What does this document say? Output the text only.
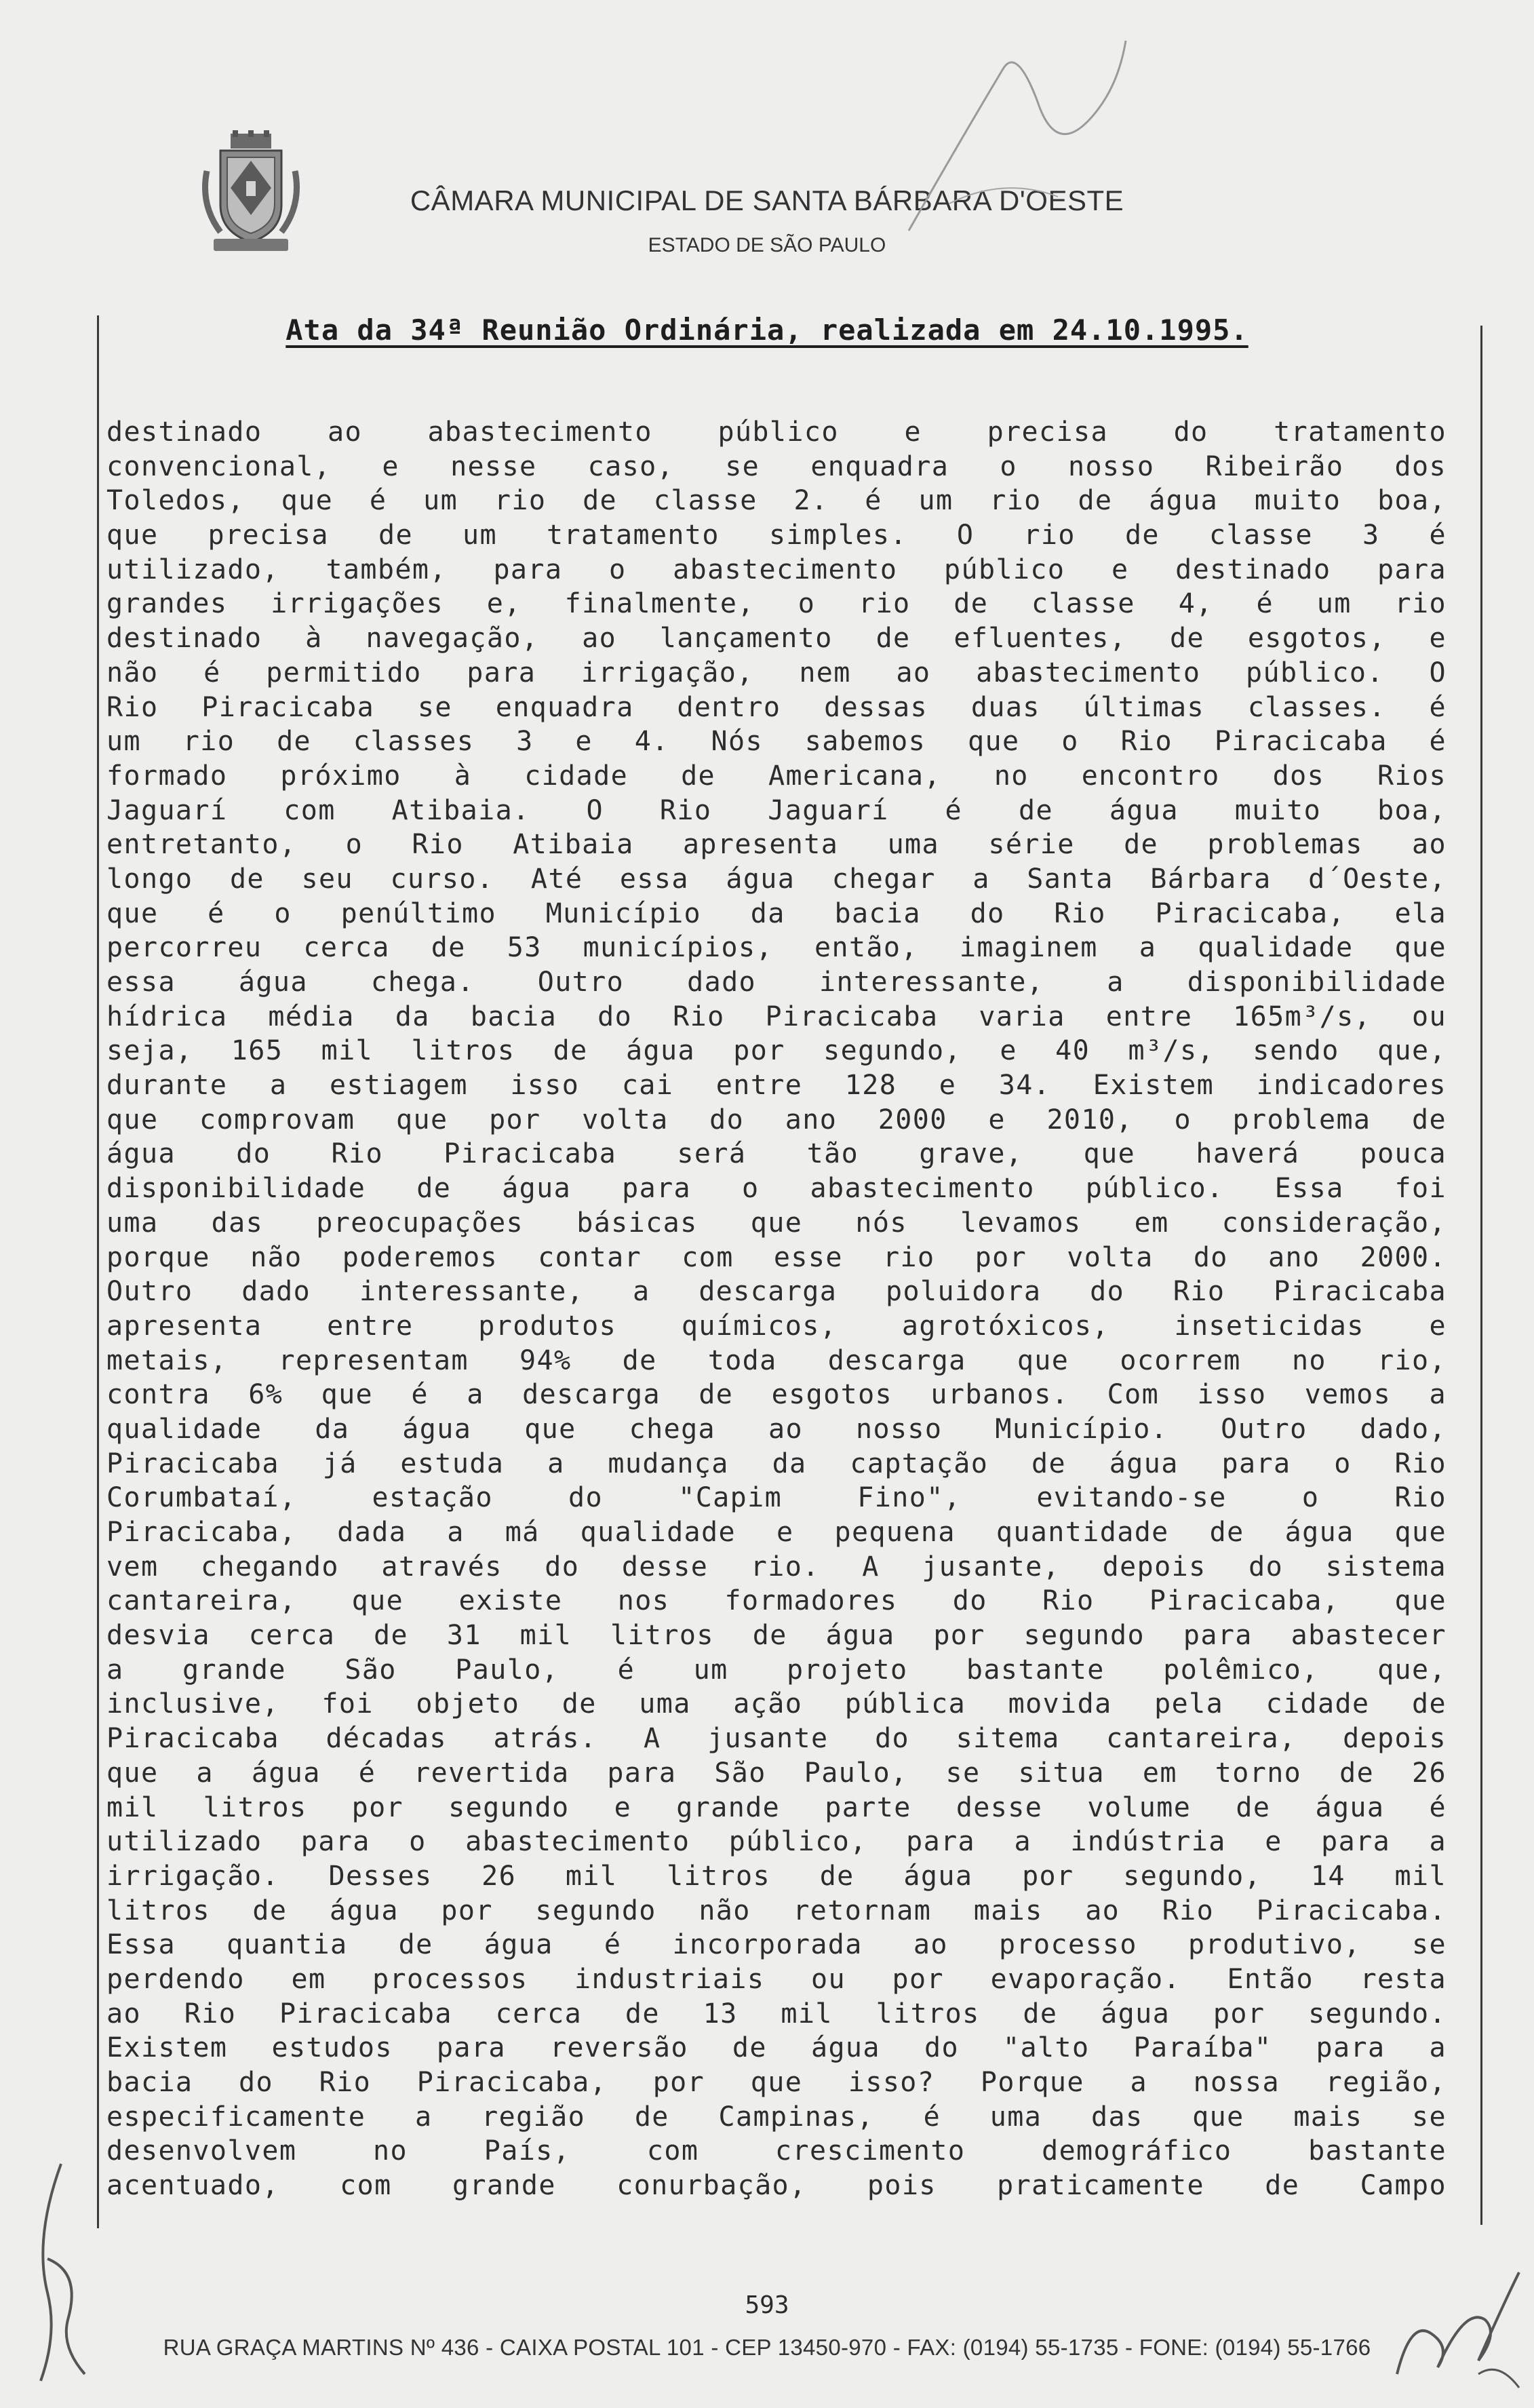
CÂMARA MUNICIPAL DE SANTA BÁRBARA D'OESTE
ESTADO DE SÃO PAULO
Ata da 34ª Reunião Ordinária, realizada em 24.10.1995.
destinado ao abastecimento público e precisa do tratamento
convencional, e nesse caso, se enquadra o nosso Ribeirão dos
Toledos, que é um rio de classe 2. é um rio de água muito boa,
que precisa de um tratamento simples. O rio de classe 3 é
utilizado, também, para o abastecimento público e destinado para
grandes irrigações e, finalmente, o rio de classe 4, é um rio
destinado à navegação, ao lançamento de efluentes, de esgotos, e
não é permitido para irrigação, nem ao abastecimento público. O
Rio Piracicaba se enquadra dentro dessas duas últimas classes. é
um rio de classes 3 e 4. Nós sabemos que o Rio Piracicaba é
formado próximo à cidade de Americana, no encontro dos Rios
Jaguarí com Atibaia. O Rio Jaguarí é de água muito boa,
entretanto, o Rio Atibaia apresenta uma série de problemas ao
longo de seu curso. Até essa água chegar a Santa Bárbara d´Oeste,
que é o penúltimo Município da bacia do Rio Piracicaba, ela
percorreu cerca de 53 municípios, então, imaginem a qualidade que
essa água chega. Outro dado interessante, a disponibilidade
hídrica média da bacia do Rio Piracicaba varia entre 165m³/s, ou
seja, 165 mil litros de água por segundo, e 40 m³/s, sendo que,
durante a estiagem isso cai entre 128 e 34. Existem indicadores
que comprovam que por volta do ano 2000 e 2010, o problema de
água do Rio Piracicaba será tão grave, que haverá pouca
disponibilidade de água para o abastecimento público. Essa foi
uma das preocupações básicas que nós levamos em consideração,
porque não poderemos contar com esse rio por volta do ano 2000.
Outro dado interessante, a descarga poluidora do Rio Piracicaba
apresenta entre produtos químicos, agrotóxicos, inseticidas e
metais, representam 94% de toda descarga que ocorrem no rio,
contra 6% que é a descarga de esgotos urbanos. Com isso vemos a
qualidade da água que chega ao nosso Município. Outro dado,
Piracicaba já estuda a mudança da captação de água para o Rio
Corumbataí, estação do "Capim Fino", evitando-se o Rio
Piracicaba, dada a má qualidade e pequena quantidade de água que
vem chegando através do desse rio. A jusante, depois do sistema
cantareira, que existe nos formadores do Rio Piracicaba, que
desvia cerca de 31 mil litros de água por segundo para abastecer
a grande São Paulo, é um projeto bastante polêmico, que,
inclusive, foi objeto de uma ação pública movida pela cidade de
Piracicaba décadas atrás. A jusante do sitema cantareira, depois
que a água é revertida para São Paulo, se situa em torno de 26
mil litros por segundo e grande parte desse volume de água é
utilizado para o abastecimento público, para a indústria e para a
irrigação. Desses 26 mil litros de água por segundo, 14 mil
litros de água por segundo não retornam mais ao Rio Piracicaba.
Essa quantia de água é incorporada ao processo produtivo, se
perdendo em processos industriais ou por evaporação. Então resta
ao Rio Piracicaba cerca de 13 mil litros de água por segundo.
Existem estudos para reversão de água do "alto Paraíba" para a
bacia do Rio Piracicaba, por que isso? Porque a nossa região,
especificamente a região de Campinas, é uma das que mais se
desenvolvem no País, com crescimento demográfico bastante
acentuado, com grande conurbação, pois praticamente de Campo
593
RUA GRAÇA MARTINS Nº 436 - CAIXA POSTAL 101 - CEP 13450-970 - FAX: (0194) 55-1735 - FONE: (0194) 55-1766
